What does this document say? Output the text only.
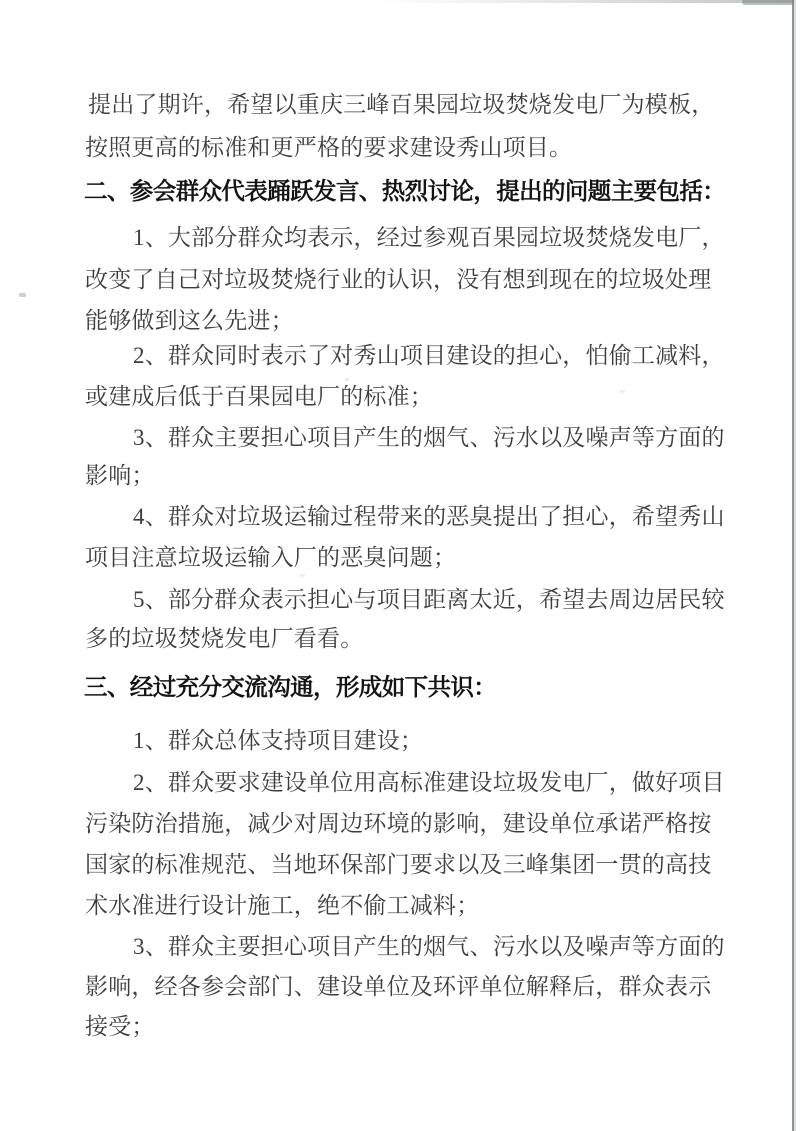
提出了期许，希望以重庆三峰百果园垃圾焚烧发电厂为模板，
按照更高的标准和更严格的要求建设秀山项目。
二、参会群众代表踊跃发言、热烈讨论，提出的问题主要包括：
1、大部分群众均表示，经过参观百果园垃圾焚烧发电厂，
改变了自己对垃圾焚烧行业的认识，没有想到现在的垃圾处理
能够做到这么先进；
2、群众同时表示了对秀山项目建设的担心，怕偷工减料，
或建成后低于百果园电厂的标准；
3、群众主要担心项目产生的烟气、污水以及噪声等方面的
影响；
4、群众对垃圾运输过程带来的恶臭提出了担心，希望秀山
项目注意垃圾运输入厂的恶臭问题；
5、部分群众表示担心与项目距离太近，希望去周边居民较
多的垃圾焚烧发电厂看看。
三、经过充分交流沟通，形成如下共识：
1、群众总体支持项目建设；
2、群众要求建设单位用高标准建设垃圾发电厂，做好项目
污染防治措施，减少对周边环境的影响，建设单位承诺严格按
国家的标准规范、当地环保部门要求以及三峰集团一贯的高技
术水准进行设计施工，绝不偷工减料；
3、群众主要担心项目产生的烟气、污水以及噪声等方面的
影响，经各参会部门、建设单位及环评单位解释后，群众表示
接受；
